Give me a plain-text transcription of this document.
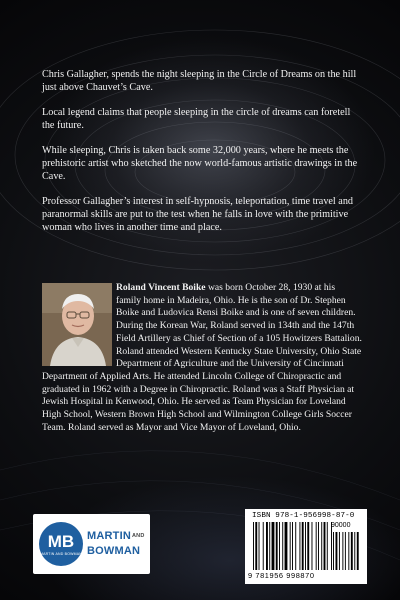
Chris Gallagher, spends the night sleeping in the Circle of Dreams on the hill just above Chauvet’s Cave.

Local legend claims that people sleeping in the circle of dreams can foretell the future.

While sleeping, Chris is taken back some 32,000 years, where he meets the prehistoric artist who sketched the now world-famous artistic drawings in the Cave.

Professor Gallagher’s interest in self-hypnosis, teleportation, time travel and paranormal skills are put to the test when he falls in love with the primitive woman who lives in another time and place.

Roland Vincent Boike was born October 28, 1930 at his family home in Madeira, Ohio. He is the son of Dr. Stephen Boike and Ludovica Rensi Boike and is one of seven children. During the Korean War, Roland served in 134th and the 147th Field Artillery as Chief of Section of a 105 Howitzers Battalion. Roland attended Western Kentucky State University, Ohio State Department of Agriculture and the University of Cincinnati Department of Applied Arts. He attended Lincoln College of Chiropractic and graduated in 1962 with a Degree in Chiropractic. Roland was a Staff Physician at Jewish Hospital in Kenwood, Ohio. He served as Team Physician for Loveland High School, Western Brown High School and Wilmington College Girls Soccer Team. Roland served as Mayor and Vice Mayor of Loveland, Ohio.
MB
MARTIN AND BOWMAN
MARTINAND
BOWMAN
ISBN 978-1-956998-87-0
90000
9 781956 998870
